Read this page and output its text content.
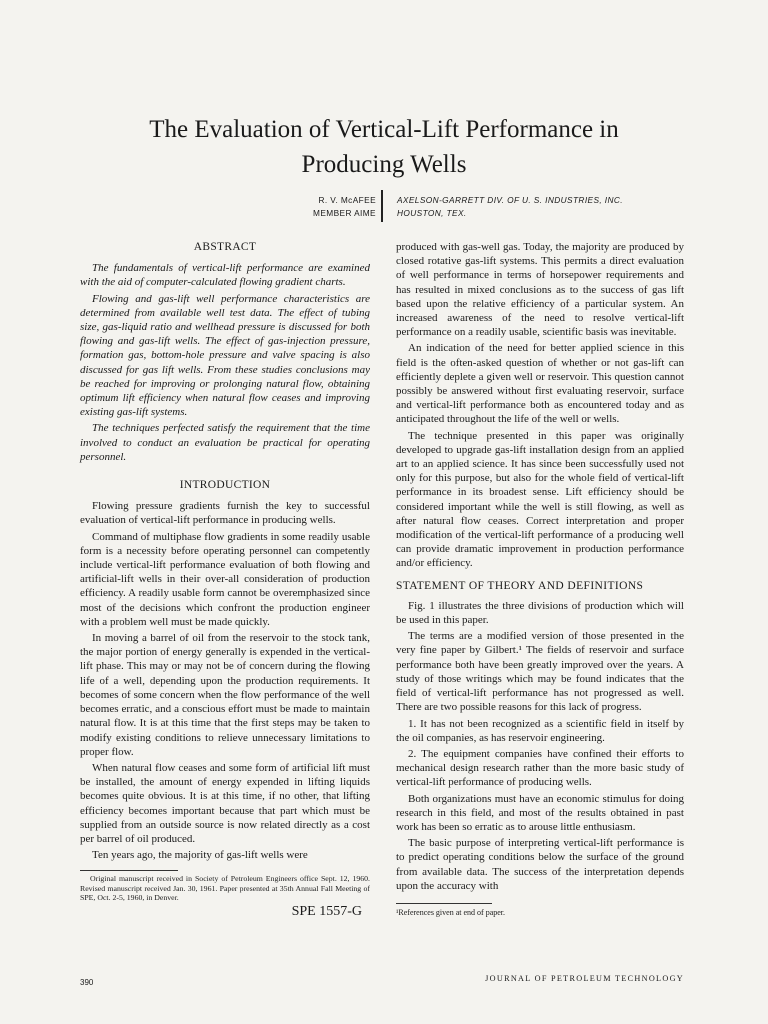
The Evaluation of Vertical-Lift Performance in Producing Wells
R. V. McAFEE
MEMBER AIME
AXELSON-GARRETT DIV. OF U. S. INDUSTRIES, INC.
HOUSTON, TEX.
ABSTRACT

The fundamentals of vertical-lift performance are examined with the aid of computer-calculated flowing gradient charts.

Flowing and gas-lift well performance characteristics are determined from available well test data. The effect of tubing size, gas-liquid ratio and wellhead pressure is discussed for both flowing and gas-lift wells. The effect of gas-injection pressure, formation gas, bottom-hole pressure and valve spacing is also discussed for gas lift wells. From these studies conclusions may be reached for improving or prolonging natural flow, obtaining optimum lift efficiency when natural flow ceases and improving existing gas-lift systems.

The techniques perfected satisfy the requirement that the time involved to conduct an evaluation be practical for operating personnel.

INTRODUCTION

Flowing pressure gradients furnish the key to successful evaluation of vertical-lift performance in producing wells.

Command of multiphase flow gradients in some readily usable form is a necessity before operating personnel can competently include vertical-lift performance evaluation of both flowing and artificial-lift wells in their over-all consideration of production efficiency. A readily usable form cannot be overemphasized since most of the decisions which confront the production engineer with a problem well must be made quickly.

In moving a barrel of oil from the reservoir to the stock tank, the major portion of energy generally is expended in the vertical-lift phase. This may or may not be of concern during the flowing life of a well, depending upon the production requirements. It becomes of some concern when the flow performance of the well becomes erratic, and a conscious effort must be made to maintain natural flow. It is at this time that the first steps may be taken to modify existing conditions to relieve unnecessary limitations to proper flow.

When natural flow ceases and some form of artificial lift must be installed, the amount of energy expended in lifting liquids becomes quite obvious. It is at this time, if no other, that lifting efficiency becomes important because that part which must be supplied from an outside source is now related directly as a cost per barrel of oil produced.

Ten years ago, the majority of gas-lift wells were

Original manuscript received in Society of Petroleum Engineers office Sept. 12, 1960. Revised manuscript received Jan. 30, 1961. Paper presented at 35th Annual Fall Meeting of SPE, Oct. 2-5, 1960, in Denver.

SPE 1557-G

390

produced with gas-well gas. Today, the majority are produced by closed rotative gas-lift systems. This permits a direct evaluation of well performance in terms of horsepower requirements and has resulted in mixed conclusions as to the success of gas lift based upon the relative efficiency of a particular system. An increased awareness of the need to resolve vertical-lift performance on a readily usable, scientific basis was inevitable.

An indication of the need for better applied science in this field is the often-asked question of whether or not gas-lift can efficiently deplete a given well or reservoir. This question cannot possibly be answered without first evaluating reservoir, surface and vertical-lift performance both as encountered today and as anticipated throughout the life of the well or wells.

The technique presented in this paper was originally developed to upgrade gas-lift installation design from an applied art to an applied science. It has since been successfully used not only for this purpose, but also for the whole field of vertical-lift performance in its broadest sense. Lift efficiency should be considered important while the well is still flowing, as well as after natural flow ceases. Correct interpretation and proper modification of the vertical-lift performance of a producing well can provide dramatic improvement in production performance and/or efficiency.

STATEMENT OF THEORY AND DEFINITIONS

Fig. 1 illustrates the three divisions of production which will be used in this paper.

The terms are a modified version of those presented in the very fine paper by Gilbert.¹ The fields of reservoir and surface performance both have been greatly improved over the years. A study of those writings which may be found indicates that the field of vertical-lift performance has not progressed as well. There are two possible reasons for this lack of progress.

1. It has not been recognized as a scientific field in itself by the oil companies, as has reservoir engineering.

2. The equipment companies have confined their efforts to mechanical design research rather than the more basic study of vertical-lift performance of producing wells.

Both organizations must have an economic stimulus for doing research in this field, and most of the results obtained in past work has been so erratic as to arouse little enthusiasm.

The basic purpose of interpreting vertical-lift performance is to predict operating conditions below the surface of the ground from available data. The success of the interpretation depends upon the accuracy with

¹References given at end of paper.

JOURNAL OF PETROLEUM TECHNOLOGY
